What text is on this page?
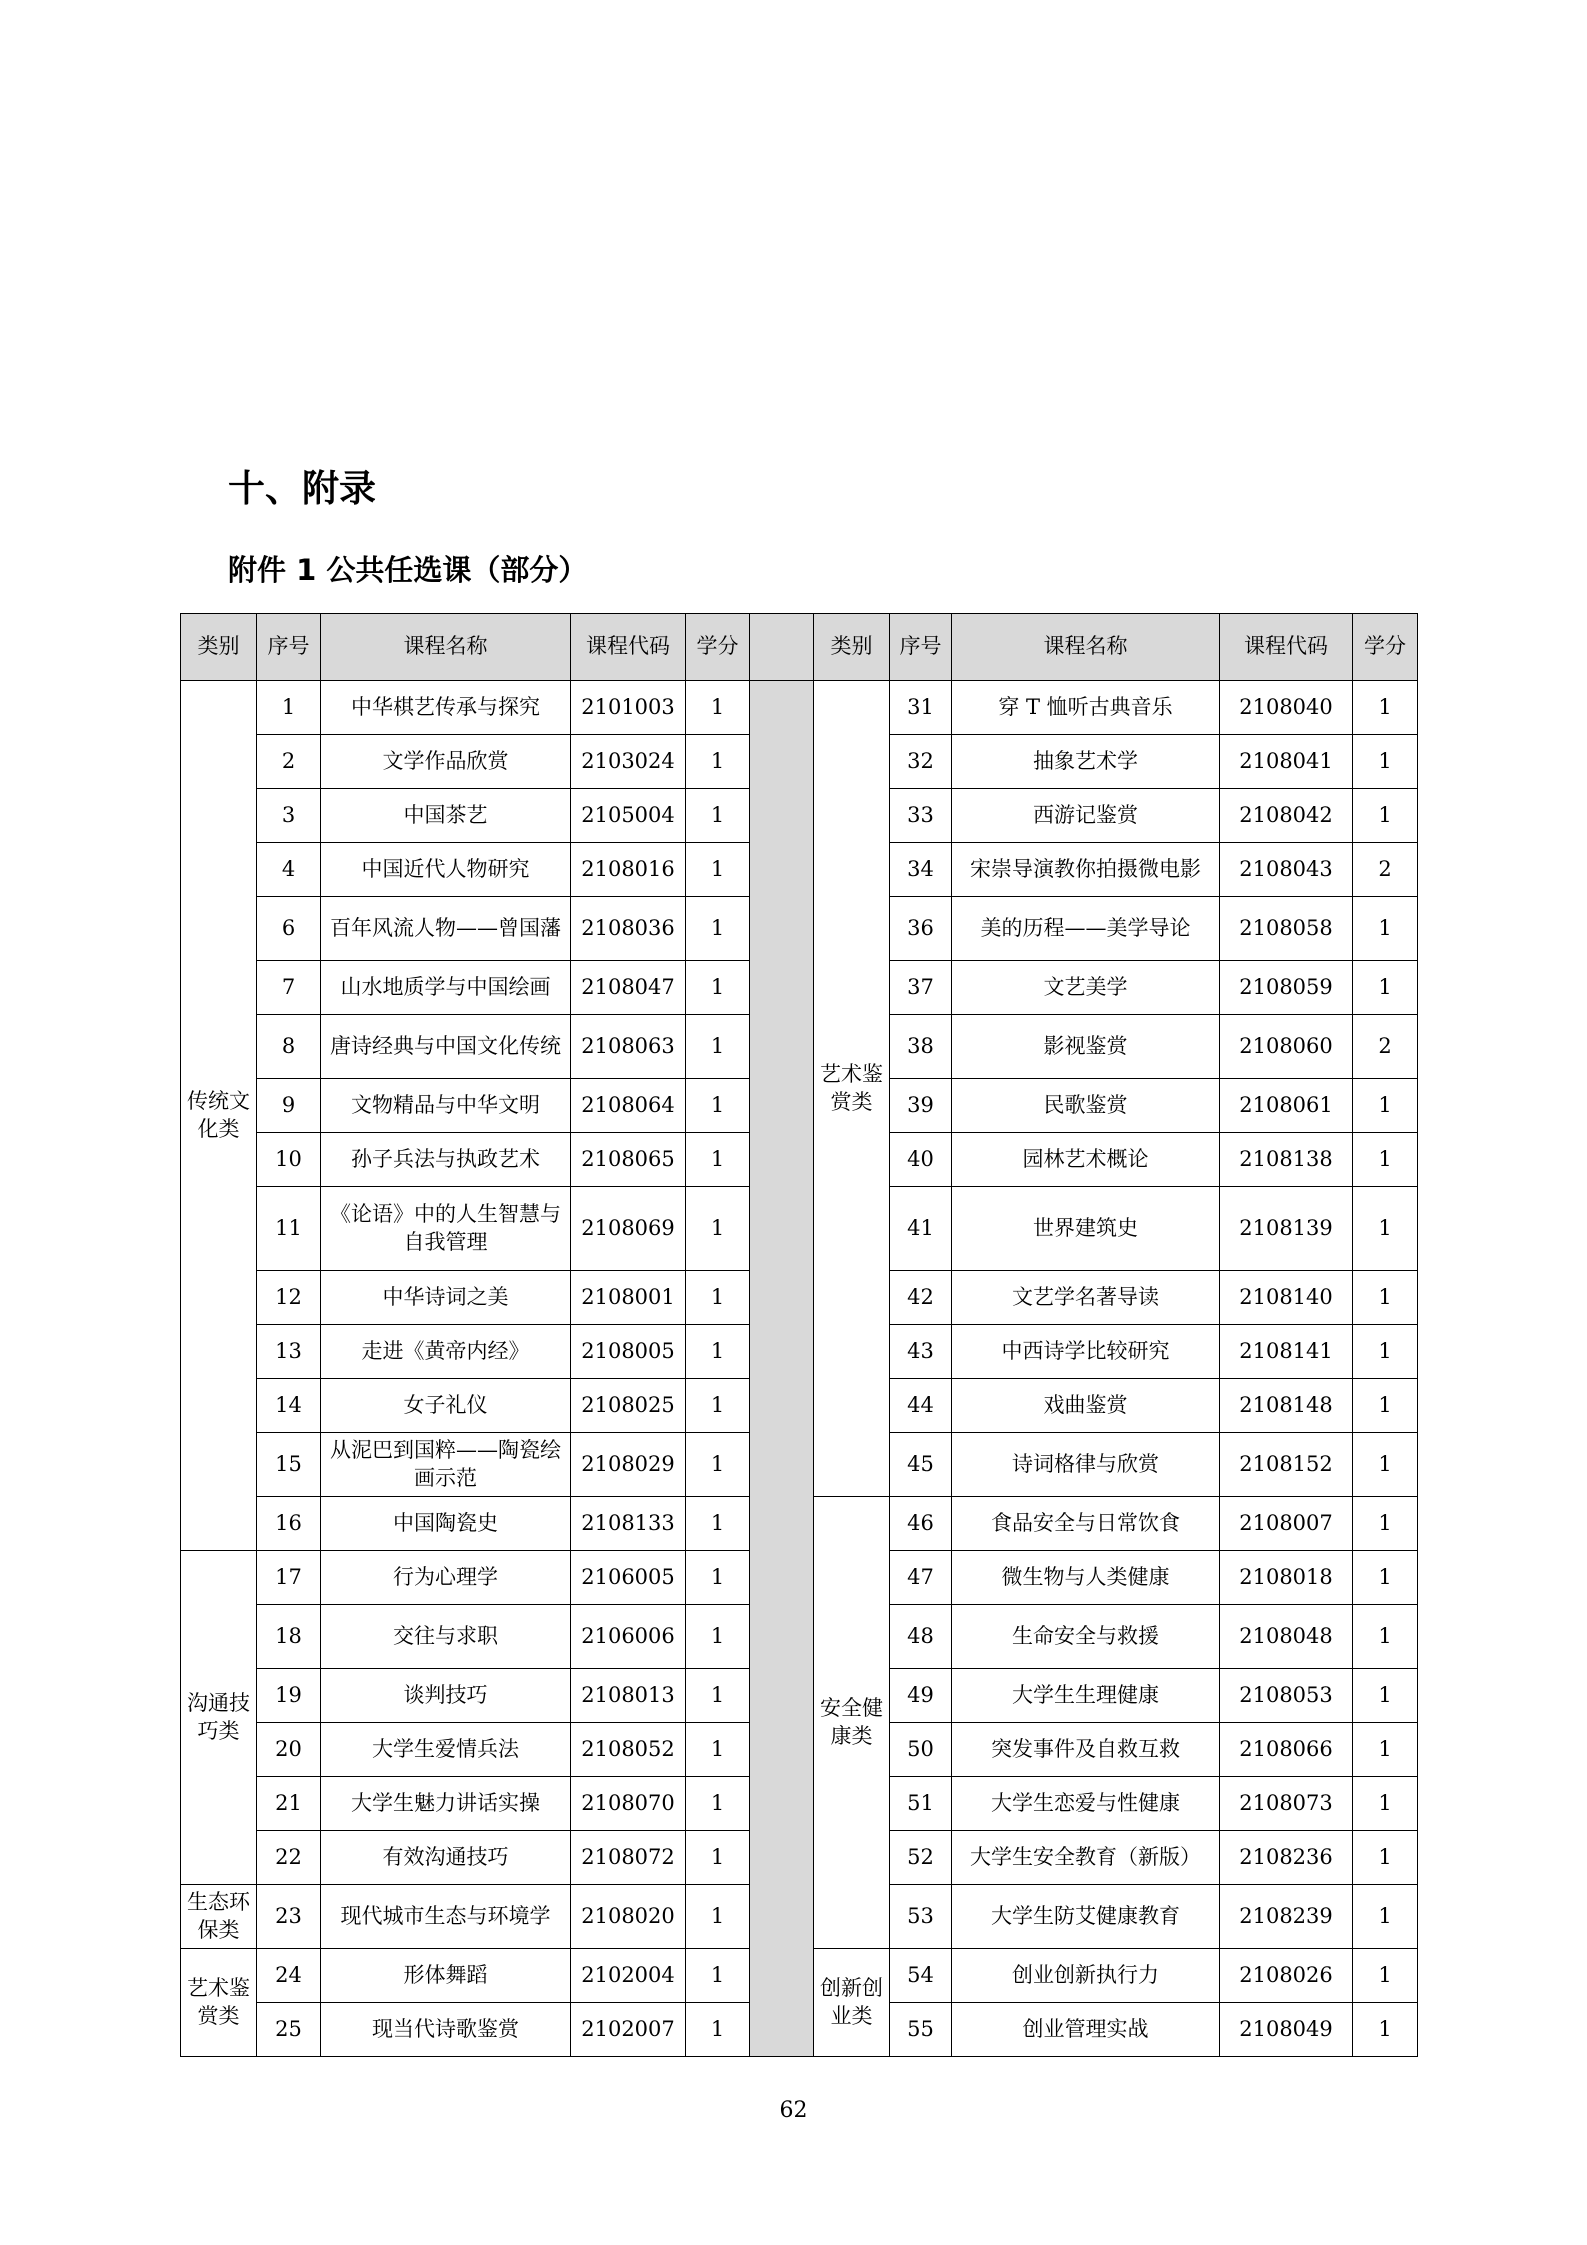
十、附录
附件 1 公共任选课（部分）
类别	序号	课程名称	课程代码	学分		类别	序号	课程名称	课程代码	学分
传统文化类	1	中华棋艺传承与探究	2101003	1		艺术鉴赏类	31	穿 T 恤听古典音乐	2108040	1
	2	文学作品欣赏	2103024	1			32	抽象艺术学	2108041	1
	3	中国茶艺	2105004	1			33	西游记鉴赏	2108042	1
	4	中国近代人物研究	2108016	1			34	宋崇导演教你拍摄微电影	2108043	2
	6	百年风流人物——曾国藩	2108036	1			36	美的历程——美学导论	2108058	1
	7	山水地质学与中国绘画	2108047	1			37	文艺美学	2108059	1
	8	唐诗经典与中国文化传统	2108063	1			38	影视鉴赏	2108060	2
	9	文物精品与中华文明	2108064	1			39	民歌鉴赏	2108061	1
	10	孙子兵法与执政艺术	2108065	1			40	园林艺术概论	2108138	1
	11	《论语》中的人生智慧与自我管理	2108069	1			41	世界建筑史	2108139	1
	12	中华诗词之美	2108001	1			42	文艺学名著导读	2108140	1
	13	走进《黄帝内经》	2108005	1			43	中西诗学比较研究	2108141	1
	14	女子礼仪	2108025	1			44	戏曲鉴赏	2108148	1
	15	从泥巴到国粹——陶瓷绘画示范	2108029	1			45	诗词格律与欣赏	2108152	1
	16	中国陶瓷史	2108133	1		安全健康类	46	食品安全与日常饮食	2108007	1
沟通技巧类	17	行为心理学	2106005	1			47	微生物与人类健康	2108018	1
	18	交往与求职	2106006	1			48	生命安全与救援	2108048	1
	19	谈判技巧	2108013	1			49	大学生生理健康	2108053	1
	20	大学生爱情兵法	2108052	1			50	突发事件及自救互救	2108066	1
	21	大学生魅力讲话实操	2108070	1			51	大学生恋爱与性健康	2108073	1
	22	有效沟通技巧	2108072	1			52	大学生安全教育（新版）	2108236	1
生态环保类	23	现代城市生态与环境学	2108020	1			53	大学生防艾健康教育	2108239	1
艺术鉴赏类	24	形体舞蹈	2102004	1		创新创业类	54	创业创新执行力	2108026	1
	25	现当代诗歌鉴赏	2102007	1			55	创业管理实战	2108049	1
62
